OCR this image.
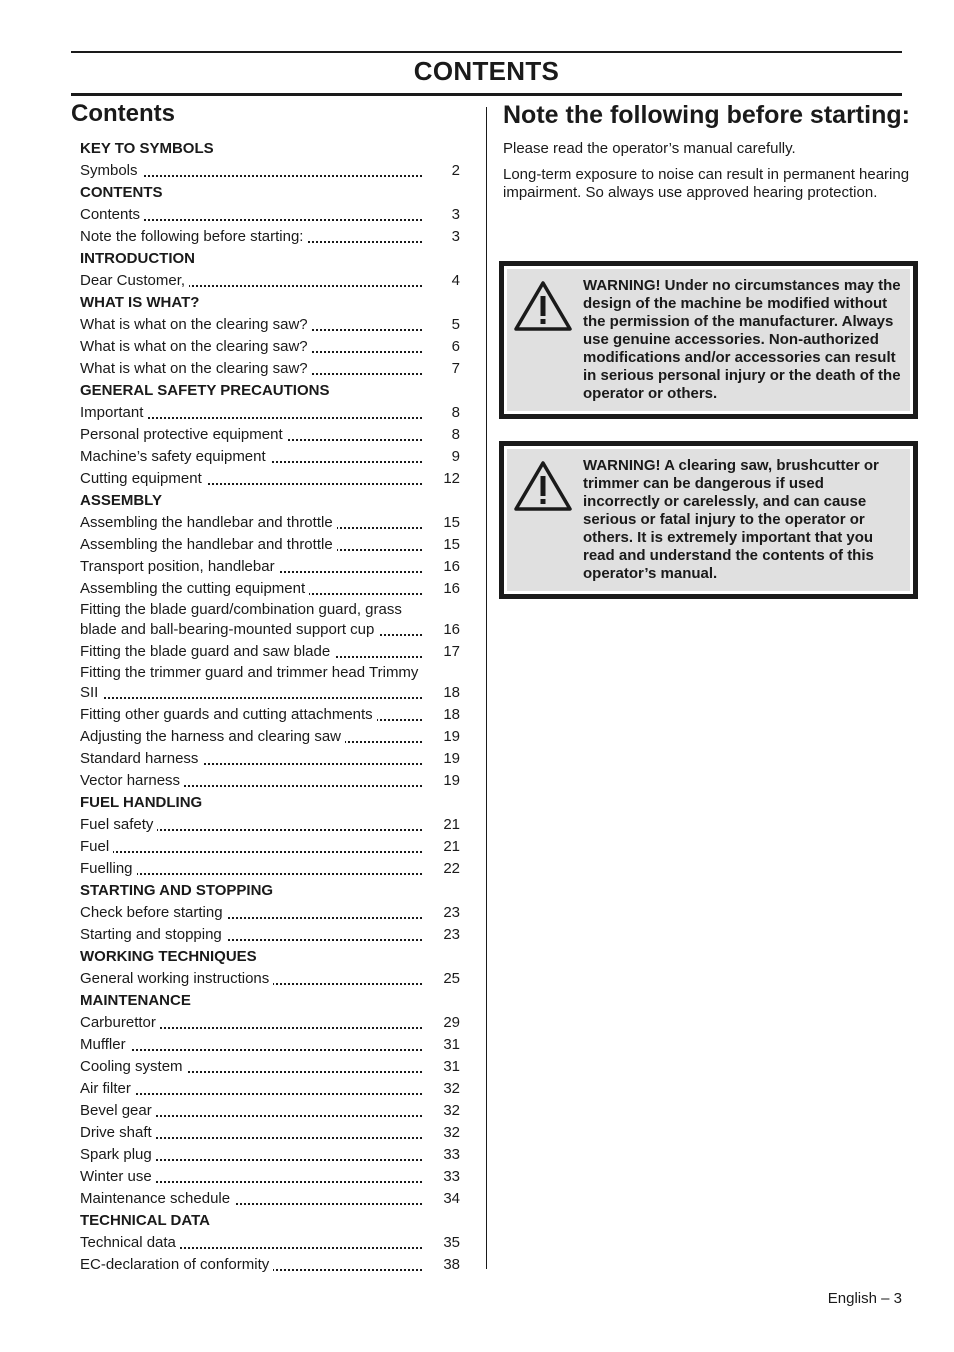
CONTENTS
Contents
KEY TO SYMBOLS
Symbols	2
CONTENTS
Contents	3
Note the following before starting:	3
INTRODUCTION
Dear Customer,	4
WHAT IS WHAT?
What is what on the clearing saw?	5
What is what on the clearing saw?	6
What is what on the clearing saw?	7
GENERAL SAFETY PRECAUTIONS
Important	8
Personal protective equipment	8
Machine’s safety equipment	9
Cutting equipment	12
ASSEMBLY
Assembling the handlebar and throttle	15
Assembling the handlebar and throttle	15
Transport position, handlebar	16
Assembling the cutting equipment	16
Fitting the blade guard/combination guard, grass
blade and ball-bearing-mounted support cup	16
Fitting the blade guard and saw blade	17
Fitting the trimmer guard and trimmer head Trimmy
SII	18
Fitting other guards and cutting attachments	18
Adjusting the harness and clearing saw	19
Standard harness	19
Vector harness	19
FUEL HANDLING
Fuel safety	21
Fuel	21
Fuelling	22
STARTING AND STOPPING
Check before starting	23
Starting and stopping	23
WORKING TECHNIQUES
General working instructions	25
MAINTENANCE
Carburettor	29
Muffler	31
Cooling system	31
Air filter	32
Bevel gear	32
Drive shaft	32
Spark plug	33
Winter use	33
Maintenance schedule	34
TECHNICAL DATA
Technical data	35
EC-declaration of conformity	38
Note the following before starting:

Please read the operator’s manual carefully.

Long-term exposure to noise can result in permanent hearing impairment. So always use approved hearing protection.

WARNING! Under no circumstances may the design of the machine be modified without the permission of the manufacturer. Always use genuine accessories. Non-authorized modifications and/or accessories can result in serious personal injury or the death of the operator or others.
WARNING! A clearing saw, brushcutter or trimmer can be dangerous if used incorrectly or carelessly, and can cause serious or fatal injury to the operator or others. It is extremely important that you read and understand the contents of this operator’s manual.
English – 3
